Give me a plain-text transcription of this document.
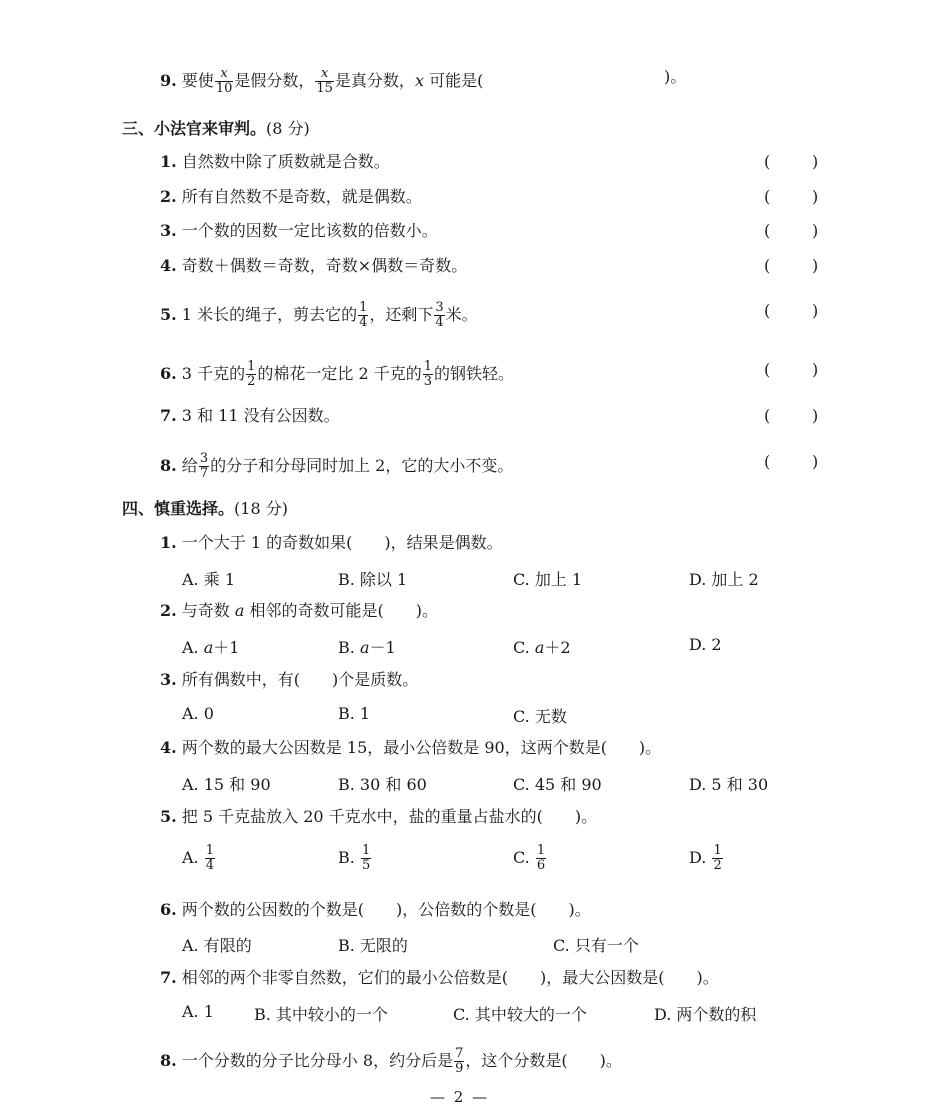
9. 要使 $\frac{x}{10}$ 是假分数， $\frac{x}{15}$ 是真分数，x 可能是(	)。
三、小法官来审判。(8 分)
1. 自然数中除了质数就是合数。
2. 所有自然数不是奇数，就是偶数。
3. 一个数的因数一定比该数的倍数小。
4. 奇数＋偶数＝奇数，奇数×偶数＝奇数。
5. 1 米长的绳子，剪去它的 $\frac{1}{4}$ ，还剩下 $\frac{3}{4}$ 米。
6. 3 千克的 $\frac{1}{2}$ 的棉花一定比 2 千克的 $\frac{1}{3}$ 的钢铁轻。
7. 3 和 11 没有公因数。
8. 给 $\frac{3}{7}$ 的分子和分母同时加上 2，它的大小不变。
(	)
(	)
(	)
(	)
(	)
(	)
(	)
(	)
四、慎重选择。(18 分)
1. 一个大于 1 的奇数如果(　　)，结果是偶数。
A. 乘 1	B. 除以 1	C. 加上 1	D. 加上 2
2. 与奇数 a 相邻的奇数可能是(　　)。
A. a＋1	B. a－1	C. a＋2	D. 2
3. 所有偶数中，有(　　)个是质数。
A. 0	B. 1	C. 无数
4. 两个数的最大公因数是 15，最小公倍数是 90，这两个数是(　　)。
A. 15 和 90	B. 30 和 60	C. 45 和 90	D. 5 和 30
5. 把 5 千克盐放入 20 千克水中，盐的重量占盐水的(　　)。
A. $\frac{1}{4}$	B. $\frac{1}{5}$	C. $\frac{1}{6}$	D. $\frac{1}{2}$
6. 两个数的公因数的个数是(　　)，公倍数的个数是(　　)。
A. 有限的	B. 无限的	C. 只有一个
7. 相邻的两个非零自然数，它们的最小公倍数是(　　)，最大公因数是(　　)。
A. 1	B. 其中较小的一个	C. 其中较大的一个	D. 两个数的积
8. 一个分数的分子比分母小 8，约分后是 $\frac{7}{9}$ ，这个分数是(　　)。
— 2 —
